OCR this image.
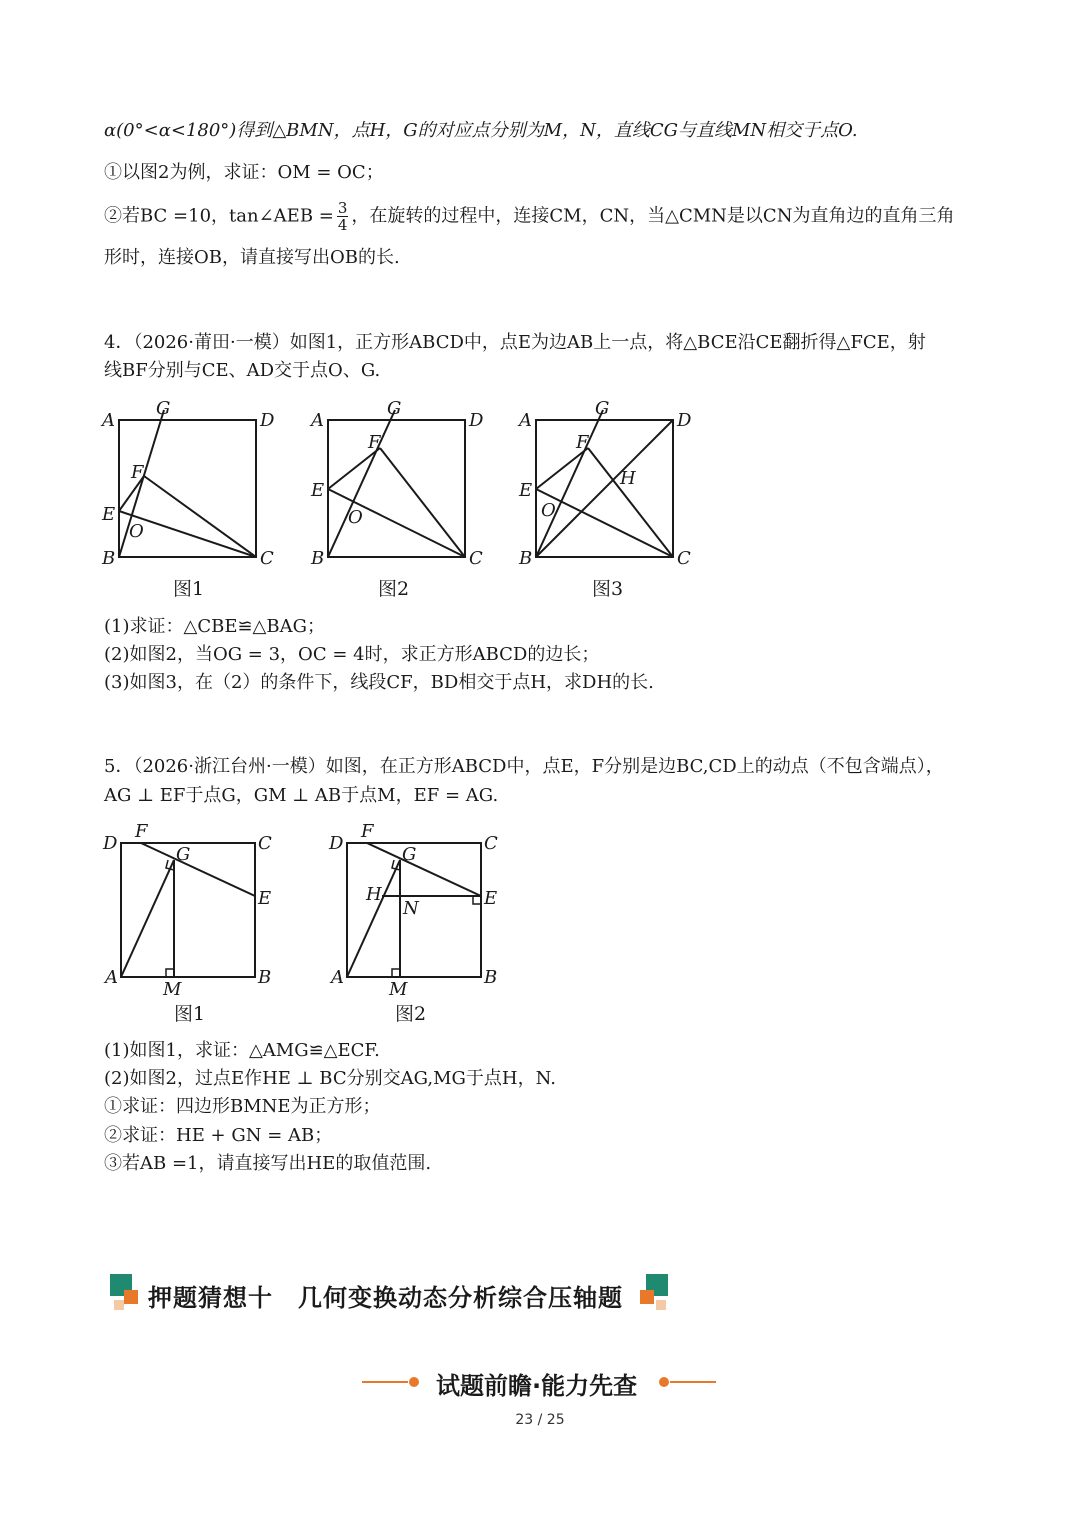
α(0°<α<180°)得到△BMN，点H，G的对应点分别为M，N，直线CG与直线MN相交于点O.
①以图2为例，求证：OM = OC；
②若BC =10，tan∠AEB = $\frac{3}{4}$ ，在旋转的过程中，连接CM，CN，当△CMN是以CN为直角边的直角三角
形时，连接OB，请直接写出OB的长.
4．（2026·莆田·一模）如图1，正方形ABCD中，点E为边AB上一点，将△BCE沿CE翻折得△FCE，射
线BF分别与CE、AD交于点O、G.
A
B	C
D
E
F
G
O
图1
A
B	C
D
E
F
G
O
图2
A
B	C
D
E
F
G
O
H
图3
(1)求证：△CBE≌△BAG；
(2)如图2，当OG = 3，OC = 4时，求正方形ABCD的边长；
(3)如图3，在（2）的条件下，线段CF，BD相交于点H，求DH的长.
5．（2026·浙江台州·一模）如图，在正方形ABCD中，点E，F分别是边BC,CD上的动点（不包含端点），
AG ⊥ EF于点G，GM ⊥ AB于点M，EF = AG.
D
F
C
G
E
A	B
M
图1
D
F
C
G
E
H
N
A	B
M
图2
(1)如图1，求证：△AMG≌△ECF.
(2)如图2，过点E作HE ⊥ BC分别交AG,MG于点H，N.
①求证：四边形BMNE为正方形；
②求证：HE + GN = AB；
③若AB =1，请直接写出HE的取值范围.
押题猜想十　几何变换动态分析综合压轴题
试题前瞻·能力先查
23 / 25
